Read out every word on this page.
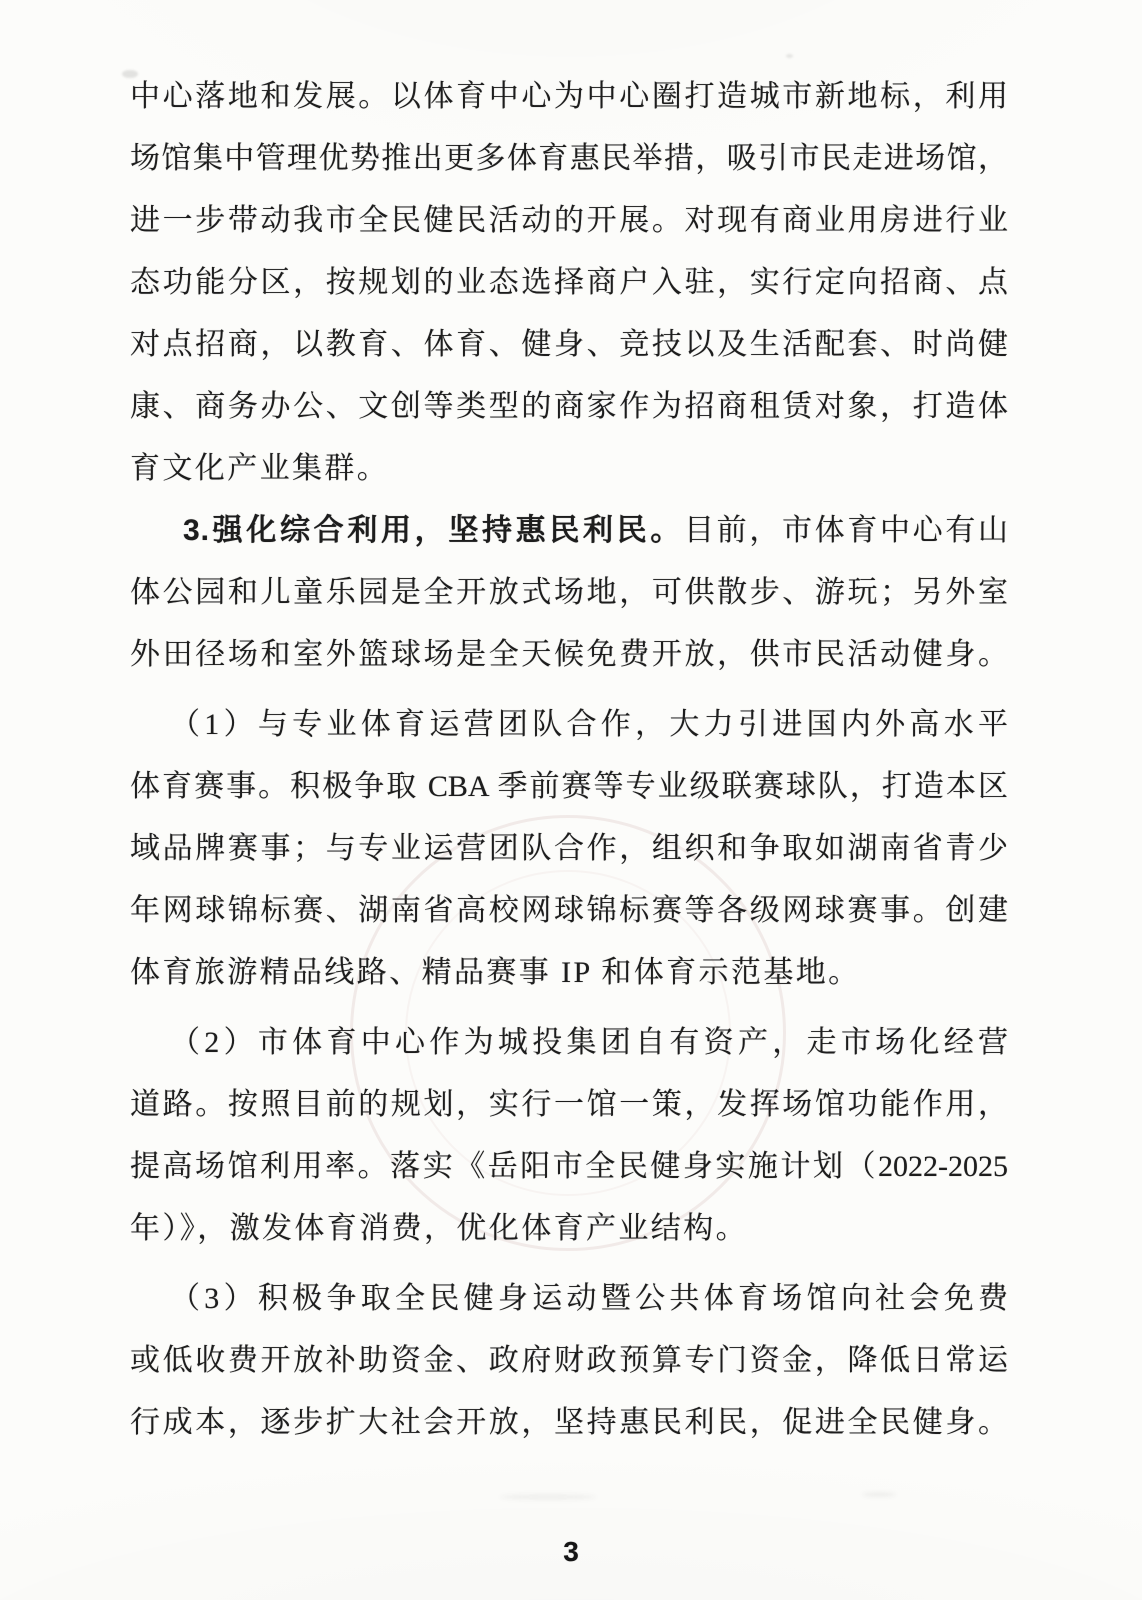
中心落地和发展。以体育中心为中心圈打造城市新地标，利用
场馆集中管理优势推出更多体育惠民举措，吸引市民走进场馆，
进一步带动我市全民健民活动的开展。对现有商业用房进行业
态功能分区，按规划的业态选择商户入驻，实行定向招商、点
对点招商，以教育、体育、健身、竞技以及生活配套、时尚健
康、商务办公、文创等类型的商家作为招商租赁对象，打造体
育文化产业集群。
3.强化综合利用，坚持惠民利民。目前，市体育中心有山
体公园和儿童乐园是全开放式场地，可供散步、游玩；另外室
外田径场和室外篮球场是全天候免费开放，供市民活动健身。
（1）与专业体育运营团队合作，大力引进国内外高水平
体育赛事。积极争取 CBA 季前赛等专业级联赛球队，打造本区
域品牌赛事；与专业运营团队合作，组织和争取如湖南省青少
年网球锦标赛、湖南省高校网球锦标赛等各级网球赛事。创建
体育旅游精品线路、精品赛事 IP 和体育示范基地。
（2）市体育中心作为城投集团自有资产，走市场化经营
道路。按照目前的规划，实行一馆一策，发挥场馆功能作用，
提高场馆利用率。落实《岳阳市全民健身实施计划（2022-2025
年）》，激发体育消费，优化体育产业结构。
（3）积极争取全民健身运动暨公共体育场馆向社会免费
或低收费开放补助资金、政府财政预算专门资金，降低日常运
行成本，逐步扩大社会开放，坚持惠民利民，促进全民健身。
3
